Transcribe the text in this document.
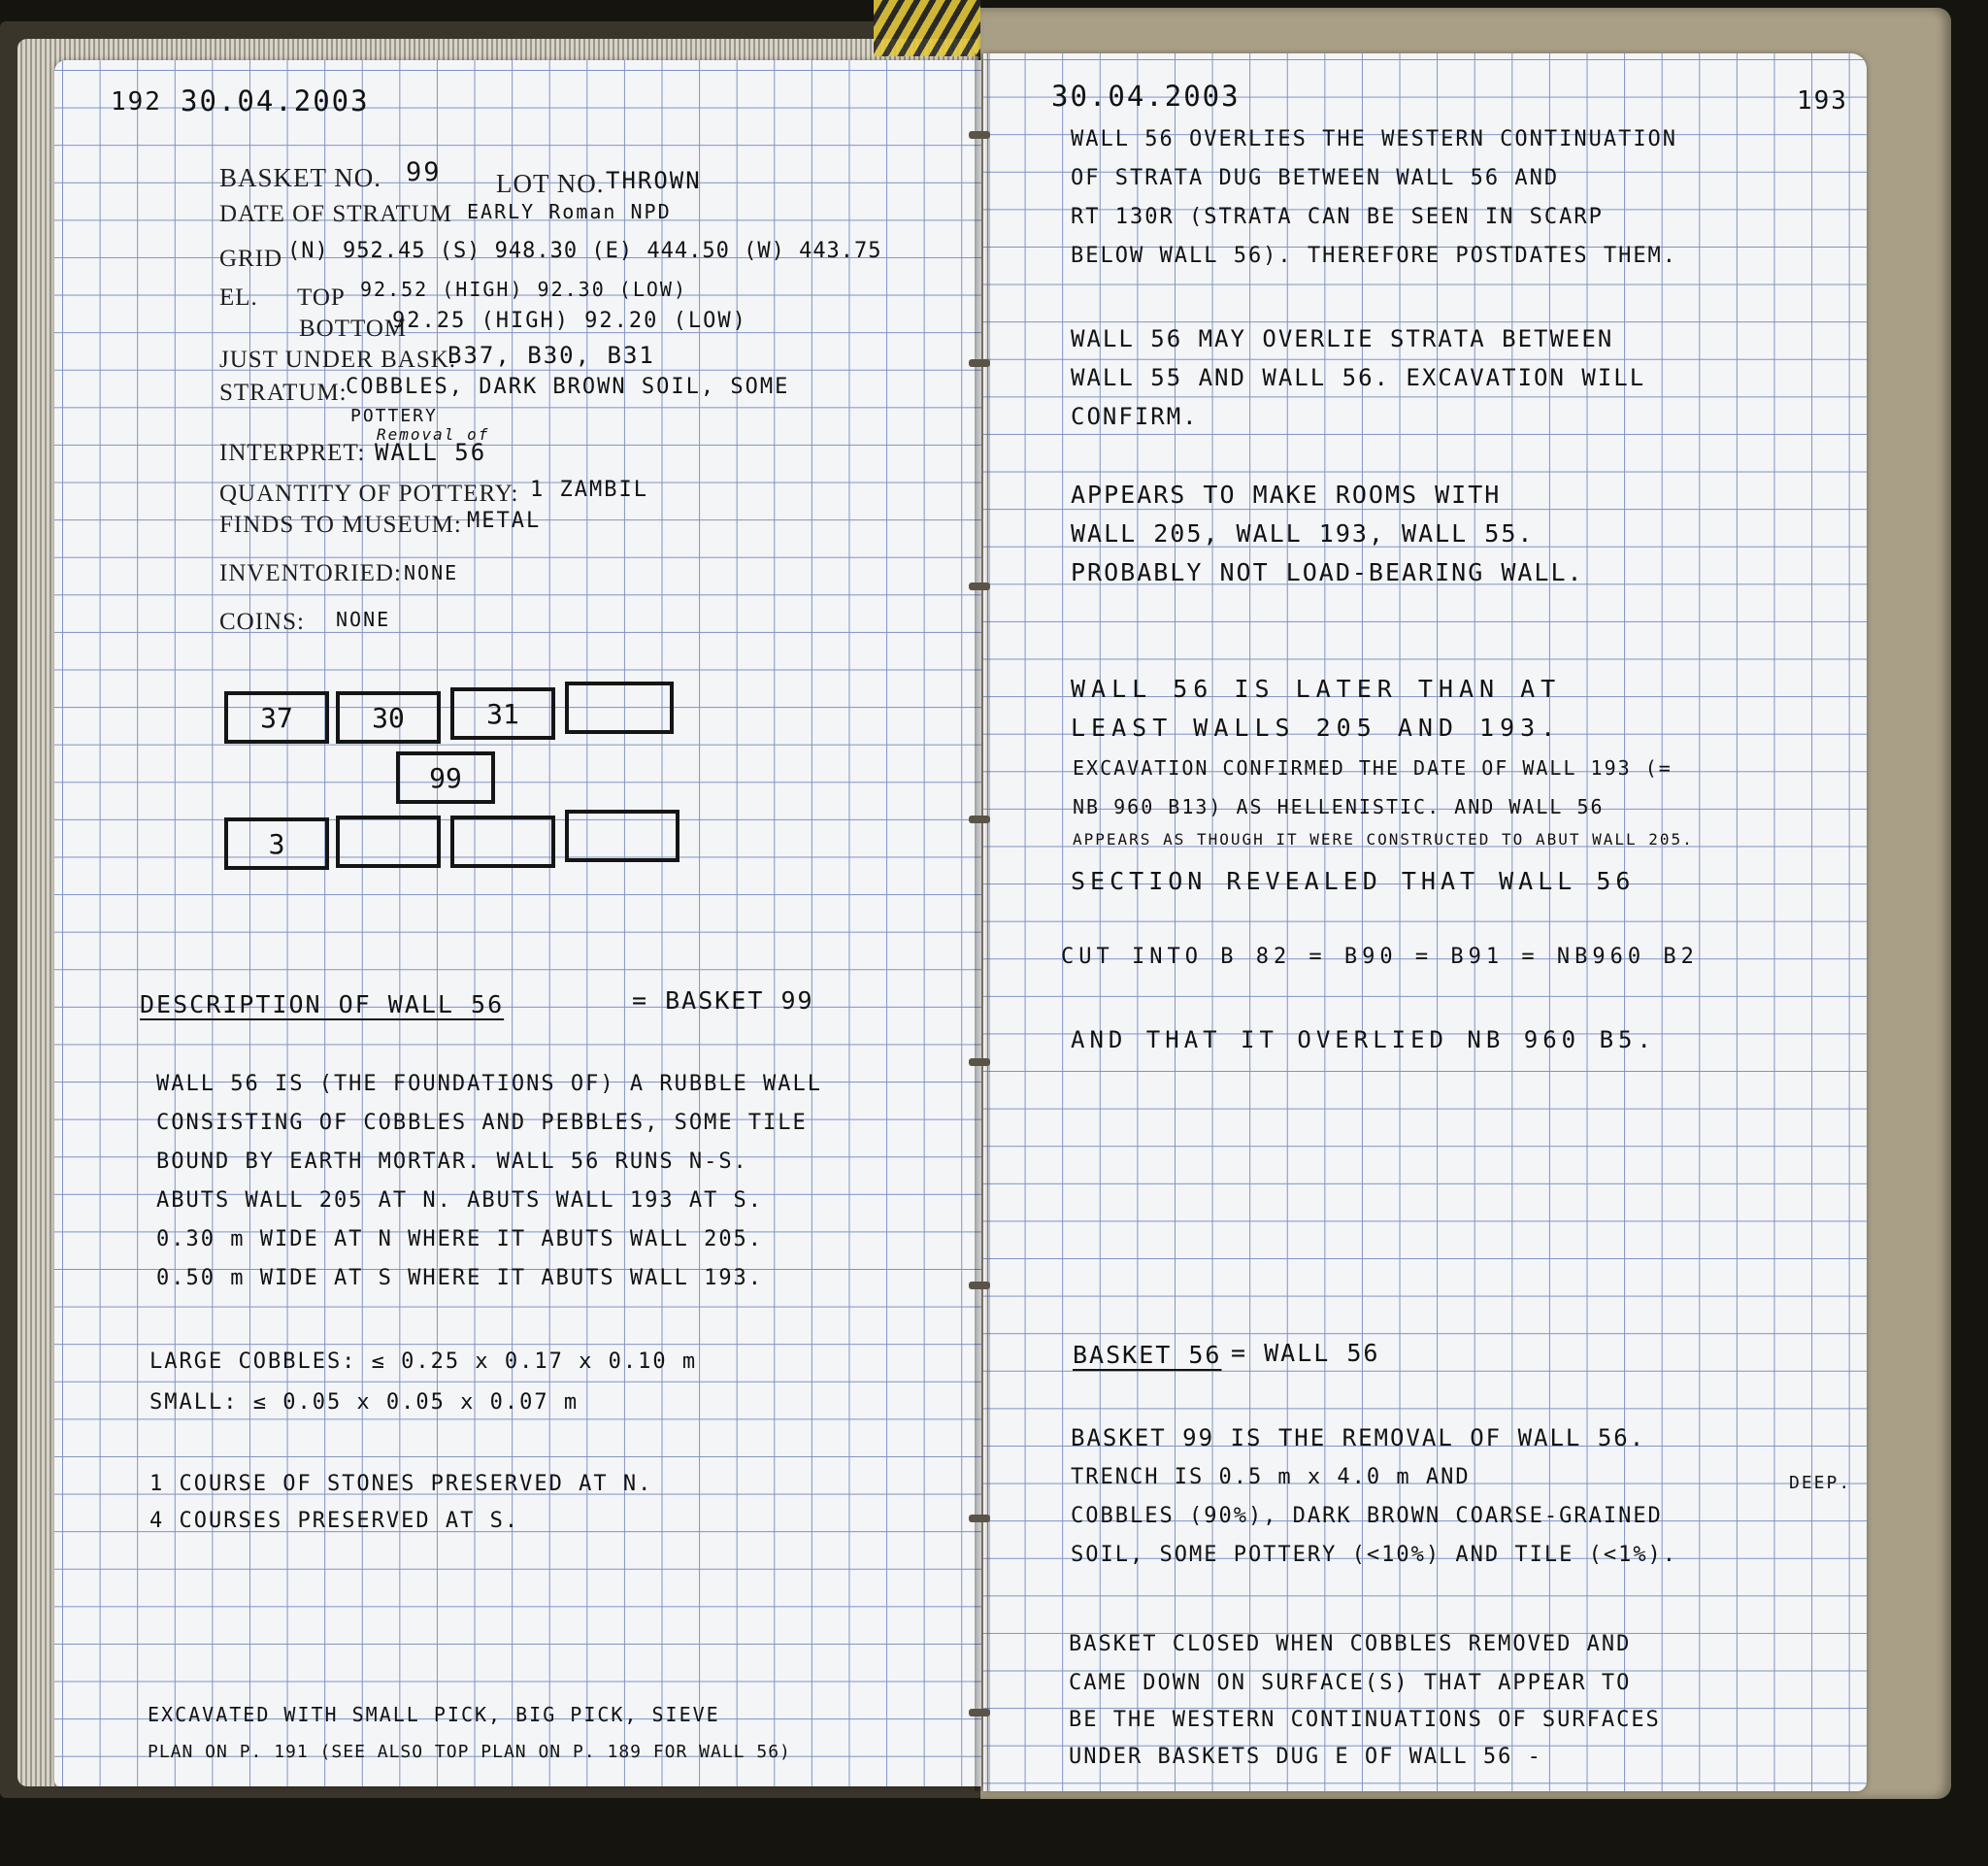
192 30.04.2003
BASKET NO. 99 LOT NO. THROWN
DATE OF STRATUM EARLY Roman NPD
GRID (N) 952.45 (S) 948.30 (E) 444.50 (W) 443.75
EL. TOP 92.52 (HIGH) 92.30 (LOW)
BOTTOM
92.25 (HIGH) 92.20 (LOW)
JUST UNDER BASK.
B37, B30, B31
STRATUM:
COBBLES, DARK BROWN SOIL, SOME
POTTERY
Removal of
INTERPRET: WALL 56
QUANTITY OF POTTERY: 1 ZAMBIL
FINDS TO MUSEUM: METAL
INVENTORIED: NONE
COINS: NONE
37	30	31
99
3
DESCRIPTION OF WALL 56	= BASKET 99
WALL 56 IS (THE FOUNDATIONS OF) A RUBBLE WALL
CONSISTING OF COBBLES AND PEBBLES, SOME TILE
BOUND BY EARTH MORTAR. WALL 56 RUNS N-S.
ABUTS WALL 205 AT N. ABUTS WALL 193 AT S.
0.30 m WIDE AT N WHERE IT ABUTS WALL 205.
0.50 m WIDE AT S WHERE IT ABUTS WALL 193.
LARGE COBBLES: ≤ 0.25 x 0.17 x 0.10 m
SMALL: ≤ 0.05 x 0.05 x 0.07 m
1 COURSE OF STONES PRESERVED AT N.
4 COURSES PRESERVED AT S.
EXCAVATED WITH SMALL PICK, BIG PICK, SIEVE
PLAN ON P. 191 (SEE ALSO TOP PLAN ON P. 189 FOR WALL 56)
30.04.2003	193
WALL 56 OVERLIES THE WESTERN CONTINUATION
OF STRATA DUG BETWEEN WALL 56 AND
RT 130R (STRATA CAN BE SEEN IN SCARP
BELOW WALL 56). THEREFORE POSTDATES THEM.
WALL 56 MAY OVERLIE STRATA BETWEEN
WALL 55 AND WALL 56. EXCAVATION WILL
CONFIRM.
APPEARS TO MAKE ROOMS WITH
WALL 205, WALL 193, WALL 55.
PROBABLY NOT LOAD-BEARING WALL.
WALL 56 IS LATER THAN AT
LEAST WALLS 205 AND 193.
EXCAVATION CONFIRMED THE DATE OF WALL 193 (=
NB 960 B13) AS HELLENISTIC. AND WALL 56
APPEARS AS THOUGH IT WERE CONSTRUCTED TO ABUT WALL 205.
SECTION REVEALED THAT WALL 56
CUT INTO B 82 = B90 = B91 = NB960 B2
AND THAT IT OVERLIED NB 960 B5.
BASKET 56 = WALL 56
BASKET 99 IS THE REMOVAL OF WALL 56.
TRENCH IS 0.5 m x 4.0 m AND	DEEP.
COBBLES (90%), DARK BROWN COARSE-GRAINED
SOIL, SOME POTTERY (<10%) AND TILE (<1%).
BASKET CLOSED WHEN COBBLES REMOVED AND
CAME DOWN ON SURFACE(S) THAT APPEAR TO
BE THE WESTERN CONTINUATIONS OF SURFACES
UNDER BASKETS DUG E OF WALL 56 -
